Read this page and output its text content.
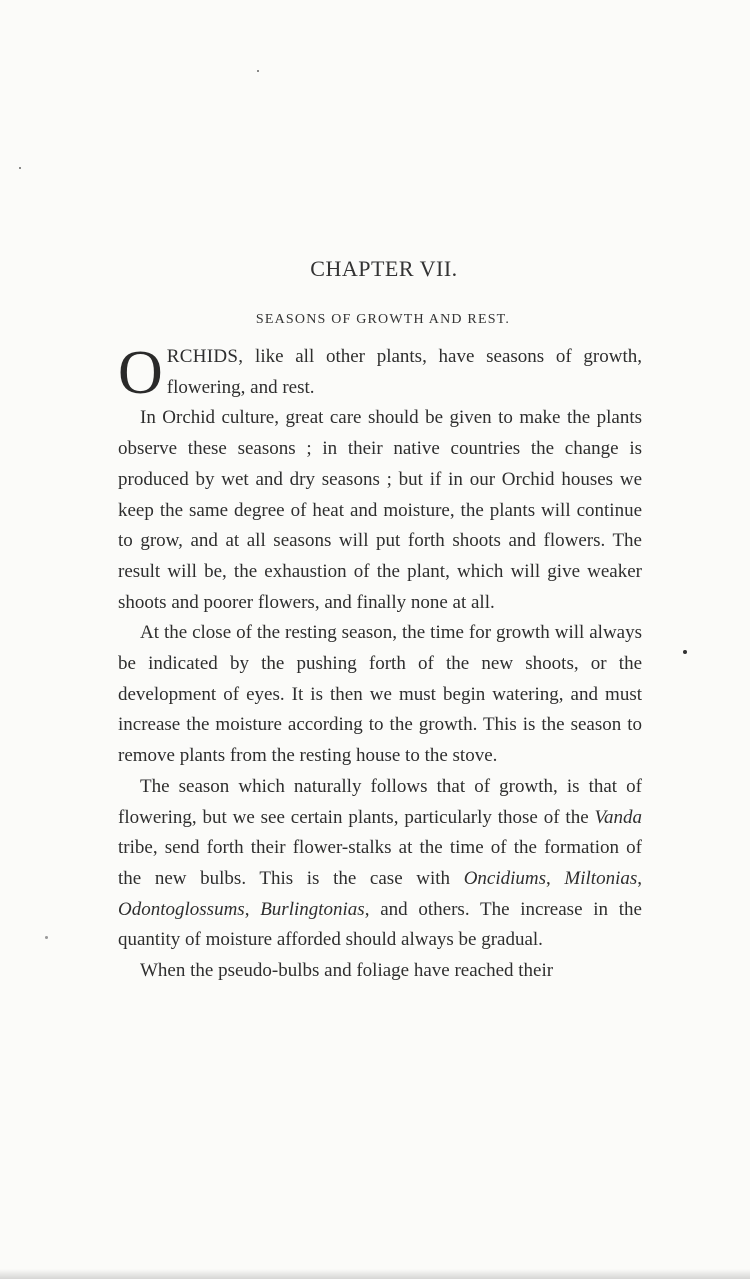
CHAPTER VII.
SEASONS OF GROWTH AND REST.

ORCHIDS, like all other plants, have seasons of growth, flowering, and rest.

In Orchid culture, great care should be given to make the plants observe these seasons ; in their native countries the change is produced by wet and dry seasons ; but if in our Orchid houses we keep the same degree of heat and moisture, the plants will continue to grow, and at all seasons will put forth shoots and flowers. The result will be, the exhaustion of the plant, which will give weaker shoots and poorer flowers, and finally none at all.

At the close of the resting season, the time for growth will always be indicated by the pushing forth of the new shoots, or the development of eyes. It is then we must begin watering, and must increase the moisture according to the growth. This is the season to remove plants from the resting house to the stove.

The season which naturally follows that of growth, is that of flowering, but we see certain plants, particularly those of the Vanda tribe, send forth their flower-stalks at the time of the formation of the new bulbs. This is the case with Oncidiums, Miltonias, Odontoglossums, Burlingtonias, and others. The increase in the quantity of moisture afforded should always be gradual.

When the pseudo-bulbs and foliage have reached their
